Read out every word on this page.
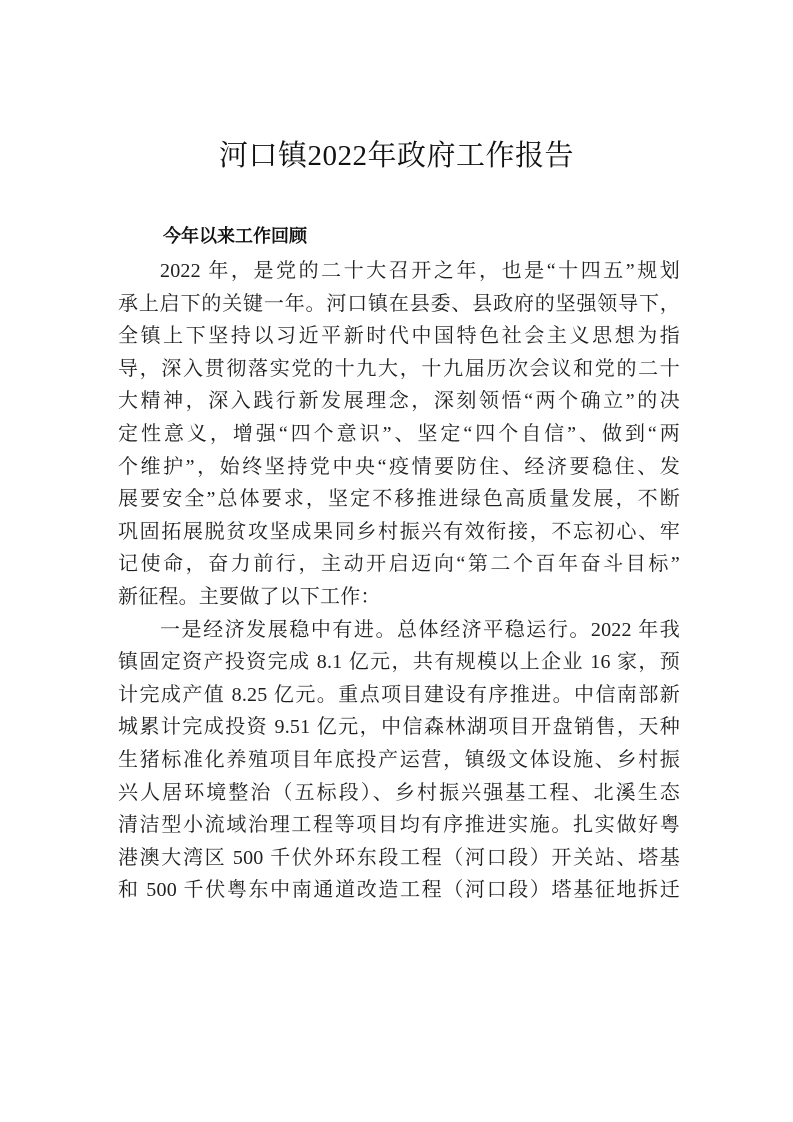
河口镇2022年政府工作报告
今年以来工作回顾
2022 年，是党的二十大召开之年，也是“十四五”规划
承上启下的关键一年。河口镇在县委、县政府的坚强领导下，
全镇上下坚持以习近平新时代中国特色社会主义思想为指
导，深入贯彻落实党的十九大，十九届历次会议和党的二十
大精神，深入践行新发展理念，深刻领悟“两个确立”的决
定性意义，增强“四个意识”、坚定“四个自信”、做到“两
个维护”，始终坚持党中央“疫情要防住、经济要稳住、发
展要安全”总体要求，坚定不移推进绿色高质量发展，不断
巩固拓展脱贫攻坚成果同乡村振兴有效衔接，不忘初心、牢
记使命，奋力前行，主动开启迈向“第二个百年奋斗目标”
新征程。主要做了以下工作：
一是经济发展稳中有进。总体经济平稳运行。2022 年我
镇固定资产投资完成 8.1 亿元，共有规模以上企业 16 家，预
计完成产值 8.25 亿元。重点项目建设有序推进。中信南部新
城累计完成投资 9.51 亿元，中信森林湖项目开盘销售，天种
生猪标准化养殖项目年底投产运营，镇级文体设施、乡村振
兴人居环境整治（五标段）、乡村振兴强基工程、北溪生态
清洁型小流域治理工程等项目均有序推进实施。扎实做好粤
港澳大湾区 500 千伏外环东段工程（河口段）开关站、塔基
和 500 千伏粤东中南通道改造工程（河口段）塔基征地拆迁
